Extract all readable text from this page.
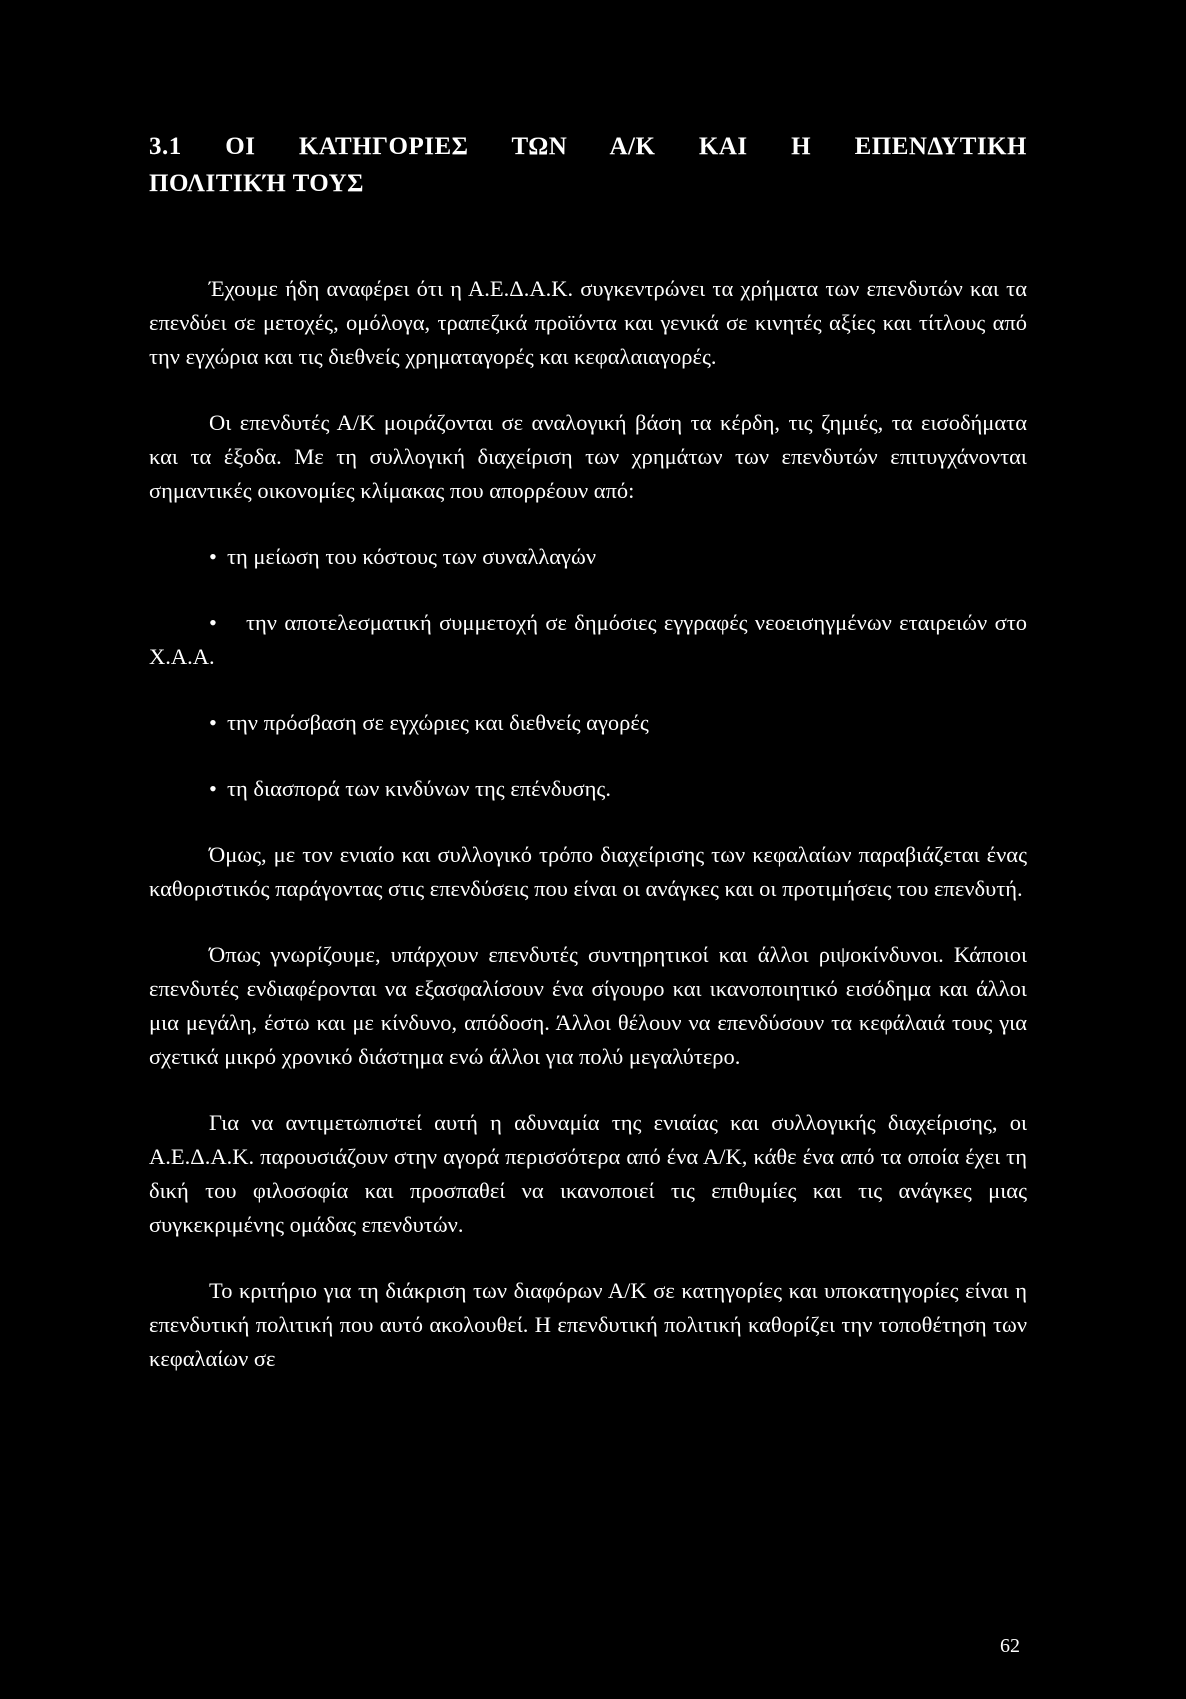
3.1 ΟΙ ΚΑΤΗΓΟΡΙΕΣ ΤΩΝ Α/Κ ΚΑΙ Η ΕΠΕΝΔΥΤΙΚΗ
ΠΟΛΙΤΙΚΉ ΤΟΥΣ

Έχουμε ήδη αναφέρει ότι η Α.Ε.Δ.Α.Κ. συγκεντρώνει τα χρήματα των επενδυτών και τα επενδύει σε μετοχές, ομόλογα, τραπεζικά προϊόντα και γενικά σε κινητές αξίες και τίτλους από την εγχώρια και τις διεθνείς χρηματαγορές και κεφαλαιαγορές.

Οι επενδυτές Α/Κ μοιράζονται σε αναλογική βάση τα κέρδη, τις ζημιές, τα εισοδήματα και τα έξοδα. Με τη συλλογική διαχείριση των χρημάτων των επενδυτών επιτυγχάνονται σημαντικές οικονομίες κλίμακας που απορρέουν από:

• τη μείωση του κόστους των συναλλαγών
•	την αποτελεσματική συμμετοχή σε δημόσιες εγγραφές νεοεισηγμένων εταιρειών στο Χ.Α.Α.
• την πρόσβαση σε εγχώριες και διεθνείς αγορές
• τη διασπορά των κινδύνων της επένδυσης.

Όμως, με τον ενιαίο και συλλογικό τρόπο διαχείρισης των κεφαλαίων παραβιάζεται ένας καθοριστικός παράγοντας στις επενδύσεις που είναι οι ανάγκες και οι προτιμήσεις του επενδυτή.

Όπως γνωρίζουμε, υπάρχουν επενδυτές συντηρητικοί και άλλοι ριψοκίνδυνοι. Κάποιοι επενδυτές ενδιαφέρονται να εξασφαλίσουν ένα σίγουρο και ικανοποιητικό εισόδημα και άλλοι μια μεγάλη, έστω και με κίνδυνο, απόδοση. Άλλοι θέλουν να επενδύσουν τα κεφάλαιά τους για σχετικά μικρό χρονικό διάστημα ενώ άλλοι για πολύ μεγαλύτερο.

Για να αντιμετωπιστεί αυτή η αδυναμία της ενιαίας και συλλογικής διαχείρισης, οι Α.Ε.Δ.Α.Κ. παρουσιάζουν στην αγορά περισσότερα από ένα Α/Κ, κάθε ένα από τα οποία έχει τη δική του φιλοσοφία και προσπαθεί να ικανοποιεί τις επιθυμίες και τις ανάγκες μιας συγκεκριμένης ομάδας επενδυτών.

Το κριτήριο για τη διάκριση των διαφόρων Α/Κ σε κατηγορίες και υποκατηγορίες είναι η επενδυτική πολιτική που αυτό ακολουθεί. Η επενδυτική πολιτική καθορίζει την τοποθέτηση των κεφαλαίων σε

62
